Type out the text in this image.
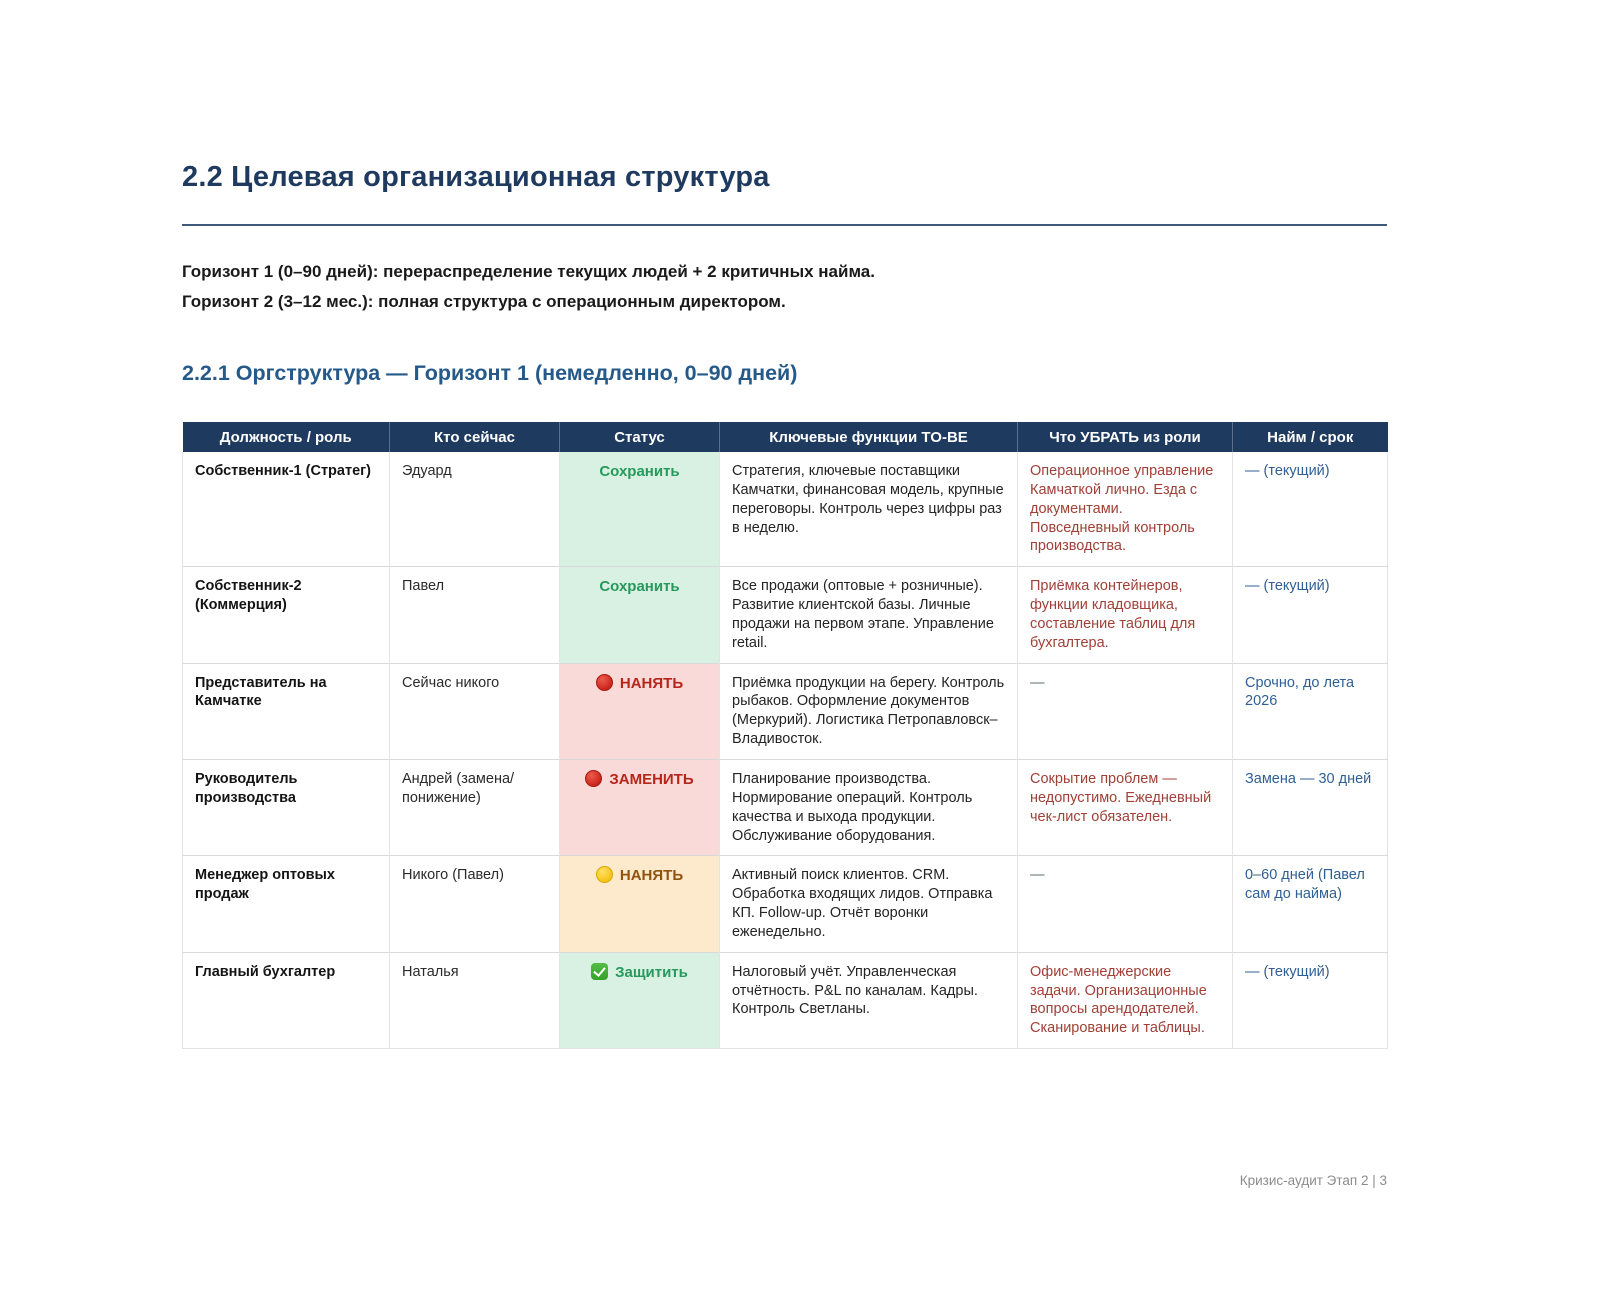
2.2 Целевая организационная структура

Горизонт 1 (0–90 дней): перераспределение текущих людей + 2 критичных найма.

Горизонт 2 (3–12 мес.): полная структура с операционным директором.

2.2.1 Оргструктура — Горизонт 1 (немедленно, 0–90 дней)
Должность / роль	Кто сейчас	Статус	Ключевые функции TO-BE	Что УБРАТЬ из роли	Найм / срок
Собственник-1 (Стратег)	Эдуард	Сохранить	Стратегия, ключевые поставщики Камчатки, финансовая модель, крупные переговоры. Контроль через цифры раз в неделю.	Операционное управление Камчаткой лично. Езда с документами. Повседневный контроль производства.	— (текущий)
Собственник-2 (Коммерция)	Павел	Сохранить	Все продажи (оптовые + розничные). Развитие клиентской базы. Личные продажи на первом этапе. Управление retail.	Приёмка контейнеров, функции кладовщика, составление таблиц для бухгалтера.	— (текущий)
Представитель на Камчатке	Сейчас никого	НАНЯТЬ	Приёмка продукции на берегу. Контроль рыбаков. Оформление документов (Меркурий). Логистика Петропавловск–Владивосток.	—	Срочно, до лета 2026
Руководитель производства	Андрей (замена/понижение)	ЗАМЕНИТЬ	Планирование производства. Нормирование операций. Контроль качества и выхода продукции. Обслуживание оборудования.	Сокрытие проблем — недопустимо. Ежедневный чек-лист обязателен.	Замена — 30 дней
Менеджер оптовых продаж	Никого (Павел)	НАНЯТЬ	Активный поиск клиентов. CRM. Обработка входящих лидов. Отправка КП. Follow-up. Отчёт воронки еженедельно.	—	0–60 дней (Павел сам до найма)
Главный бухгалтер	Наталья	Защитить	Налоговый учёт. Управленческая отчётность. P&L по каналам. Кадры. Контроль Светланы.	Офис-менеджерские задачи. Организационные вопросы арендодателей. Сканирование и таблицы.	— (текущий)
Кризис-аудит Этап 2 | 3
